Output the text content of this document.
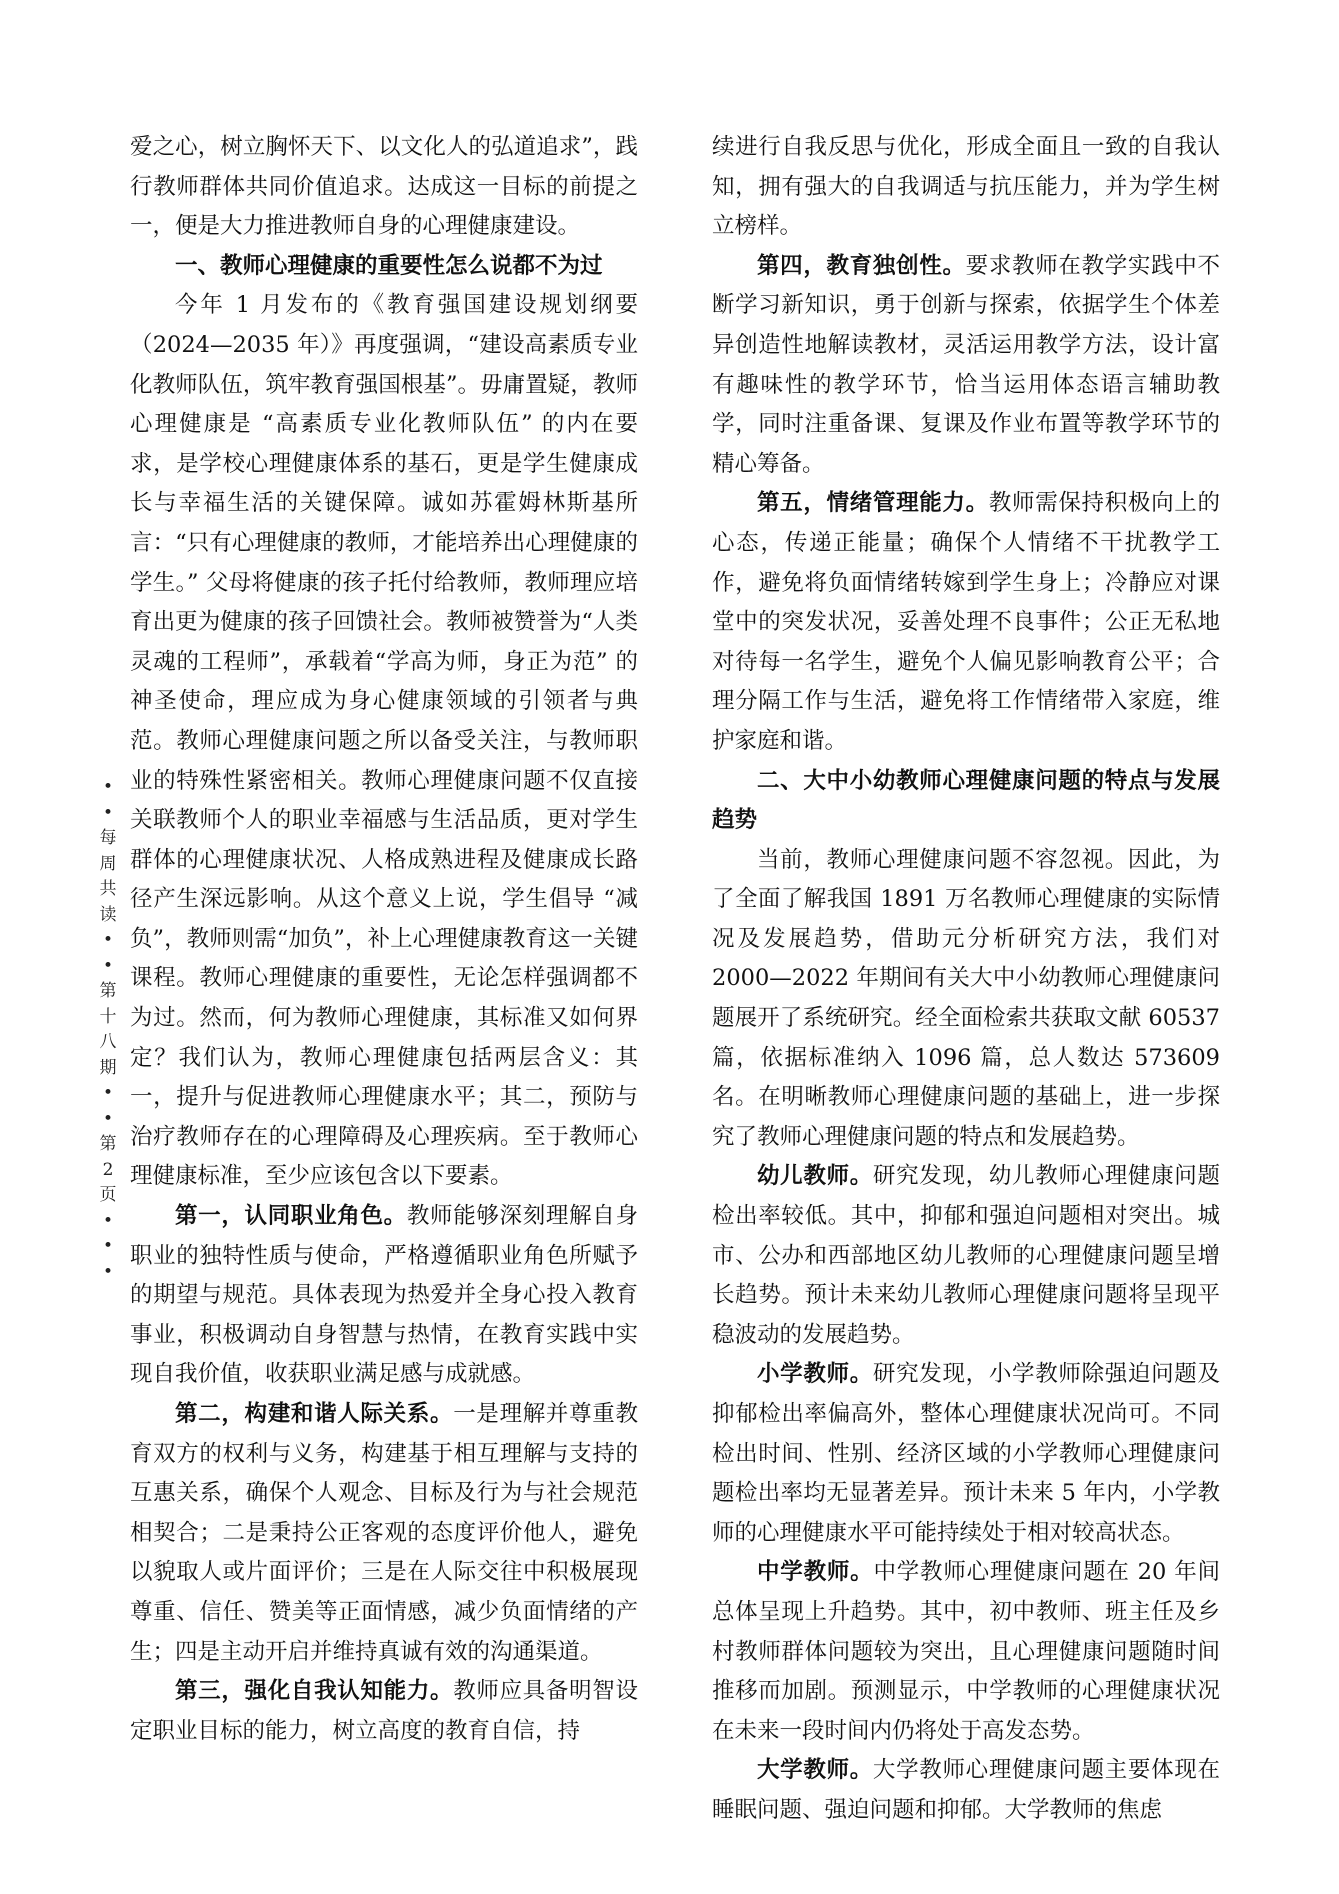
•
•
每
周
共
读
•
•
第
十
八
期
•
•
第
2
页
•
•
•

爱之心，树立胸怀天下、以文化人的弘道追求”，践行教师群体共同价值追求。达成这一目标的前提之一，便是大力推进教师自身的心理健康建设。

一、教师心理健康的重要性怎么说都不为过

今年 1 月发布的《教育强国建设规划纲要（2024—2035 年）》再度强调，“建设高素质专业化教师队伍，筑牢教育强国根基”。毋庸置疑，教师心理健康是 “高素质专业化教师队伍” 的内在要求，是学校心理健康体系的基石，更是学生健康成长与幸福生活的关键保障。诚如苏霍姆林斯基所言：“只有心理健康的教师，才能培养出心理健康的学生。” 父母将健康的孩子托付给教师，教师理应培育出更为健康的孩子回馈社会。教师被赞誉为“人类灵魂的工程师”，承载着“学高为师，身正为范” 的神圣使命，理应成为身心健康领域的引领者与典范。教师心理健康问题之所以备受关注，与教师职业的特殊性紧密相关。教师心理健康问题不仅直接关联教师个人的职业幸福感与生活品质，更对学生群体的心理健康状况、人格成熟进程及健康成长路径产生深远影响。从这个意义上说，学生倡导 “减负”，教师则需“加负”，补上心理健康教育这一关键课程。教师心理健康的重要性，无论怎样强调都不为过。然而，何为教师心理健康，其标准又如何界定？我们认为，教师心理健康包括两层含义：其一，提升与促进教师心理健康水平；其二，预防与治疗教师存在的心理障碍及心理疾病。至于教师心理健康标准，至少应该包含以下要素。

第一，认同职业角色。教师能够深刻理解自身职业的独特性质与使命，严格遵循职业角色所赋予的期望与规范。具体表现为热爱并全身心投入教育事业，积极调动自身智慧与热情，在教育实践中实现自我价值，收获职业满足感与成就感。

第二，构建和谐人际关系。一是理解并尊重教育双方的权利与义务，构建基于相互理解与支持的互惠关系，确保个人观念、目标及行为与社会规范相契合；二是秉持公正客观的态度评价他人，避免以貌取人或片面评价；三是在人际交往中积极展现尊重、信任、赞美等正面情感，减少负面情绪的产生；四是主动开启并维持真诚有效的沟通渠道。

第三，强化自我认知能力。教师应具备明智设定职业目标的能力，树立高度的教育自信，持

续进行自我反思与优化，形成全面且一致的自我认知，拥有强大的自我调适与抗压能力，并为学生树立榜样。

第四，教育独创性。要求教师在教学实践中不断学习新知识，勇于创新与探索，依据学生个体差异创造性地解读教材，灵活运用教学方法，设计富有趣味性的教学环节，恰当运用体态语言辅助教学，同时注重备课、复课及作业布置等教学环节的精心筹备。

第五，情绪管理能力。教师需保持积极向上的心态，传递正能量；确保个人情绪不干扰教学工作，避免将负面情绪转嫁到学生身上；冷静应对课堂中的突发状况，妥善处理不良事件；公正无私地对待每一名学生，避免个人偏见影响教育公平；合理分隔工作与生活，避免将工作情绪带入家庭，维护家庭和谐。

二、大中小幼教师心理健康问题的特点与发展趋势

当前，教师心理健康问题不容忽视。因此，为了全面了解我国 1891 万名教师心理健康的实际情况及发展趋势，借助元分析研究方法，我们对 2000—2022 年期间有关大中小幼教师心理健康问题展开了系统研究。经全面检索共获取文献 60537 篇，依据标准纳入 1096 篇，总人数达 573609 名。在明晰教师心理健康问题的基础上，进一步探究了教师心理健康问题的特点和发展趋势。

幼儿教师。研究发现，幼儿教师心理健康问题检出率较低。其中，抑郁和强迫问题相对突出。城市、公办和西部地区幼儿教师的心理健康问题呈增长趋势。预计未来幼儿教师心理健康问题将呈现平稳波动的发展趋势。

小学教师。研究发现，小学教师除强迫问题及抑郁检出率偏高外，整体心理健康状况尚可。不同检出时间、性别、经济区域的小学教师心理健康问题检出率均无显著差异。预计未来 5 年内，小学教师的心理健康水平可能持续处于相对较高状态。

中学教师。中学教师心理健康问题在 20 年间总体呈现上升趋势。其中，初中教师、班主任及乡村教师群体问题较为突出，且心理健康问题随时间推移而加剧。预测显示，中学教师的心理健康状况在未来一段时间内仍将处于高发态势。

大学教师。大学教师心理健康问题主要体现在睡眠问题、强迫问题和抑郁。大学教师的焦虑
